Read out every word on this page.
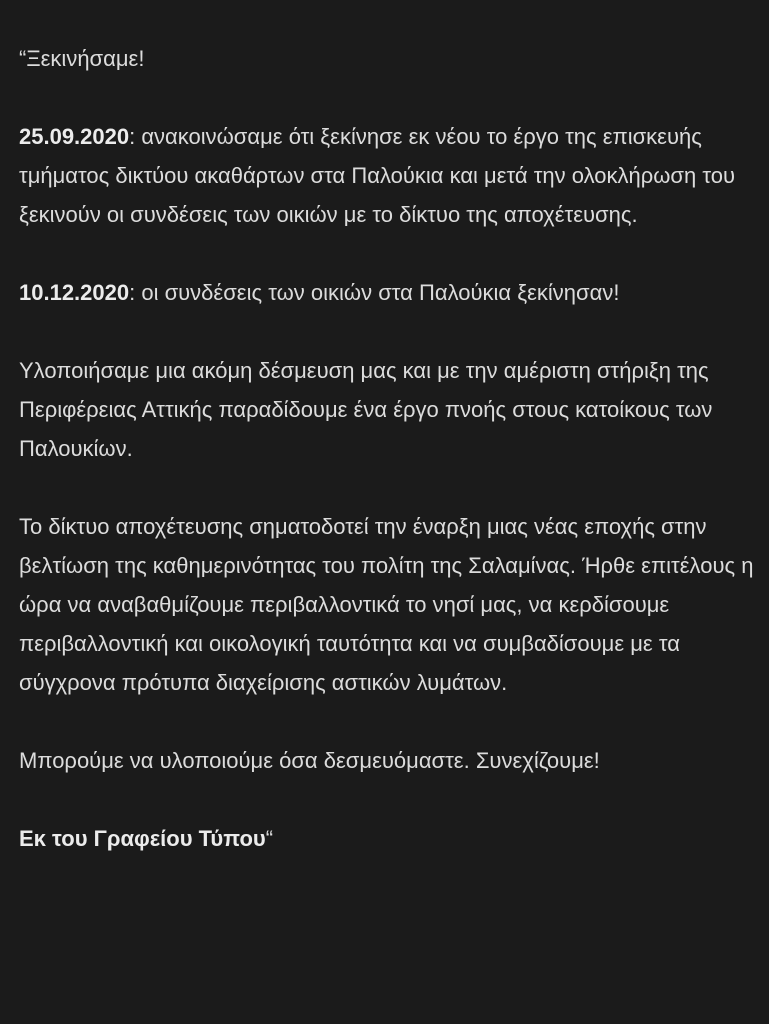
“Ξεκινήσαμε!

25.09.2020: ανακοινώσαμε ότι ξεκίνησε εκ νέου το έργο της επισκευής τμήματος δικτύου ακαθάρτων στα Παλούκια και μετά την ολοκλήρωση του ξεκινούν οι συνδέσεις των οικιών με το δίκτυο της αποχέτευσης.

10.12.2020: οι συνδέσεις των οικιών στα Παλούκια ξεκίνησαν!

Υλοποιήσαμε μια ακόμη δέσμευση μας και με την αμέριστη στήριξη της Περιφέρειας Αττικής παραδίδουμε ένα έργο πνοής στους κατοίκους των Παλουκίων.

Το δίκτυο αποχέτευσης σηματοδοτεί την έναρξη μιας νέας εποχής στην βελτίωση της καθημερινότητας του πολίτη της Σαλαμίνας. Ήρθε επιτέλους η ώρα να αναβαθμίζουμε περιβαλλοντικά το νησί μας, να κερδίσουμε περιβαλλοντική και οικολογική ταυτότητα και να συμβαδίσουμε με τα σύγχρονα πρότυπα διαχείρισης αστικών λυμάτων.

Μπορούμε να υλοποιούμε όσα δεσμευόμαστε. Συνεχίζουμε!

Εκ του Γραφείου Τύπου“
